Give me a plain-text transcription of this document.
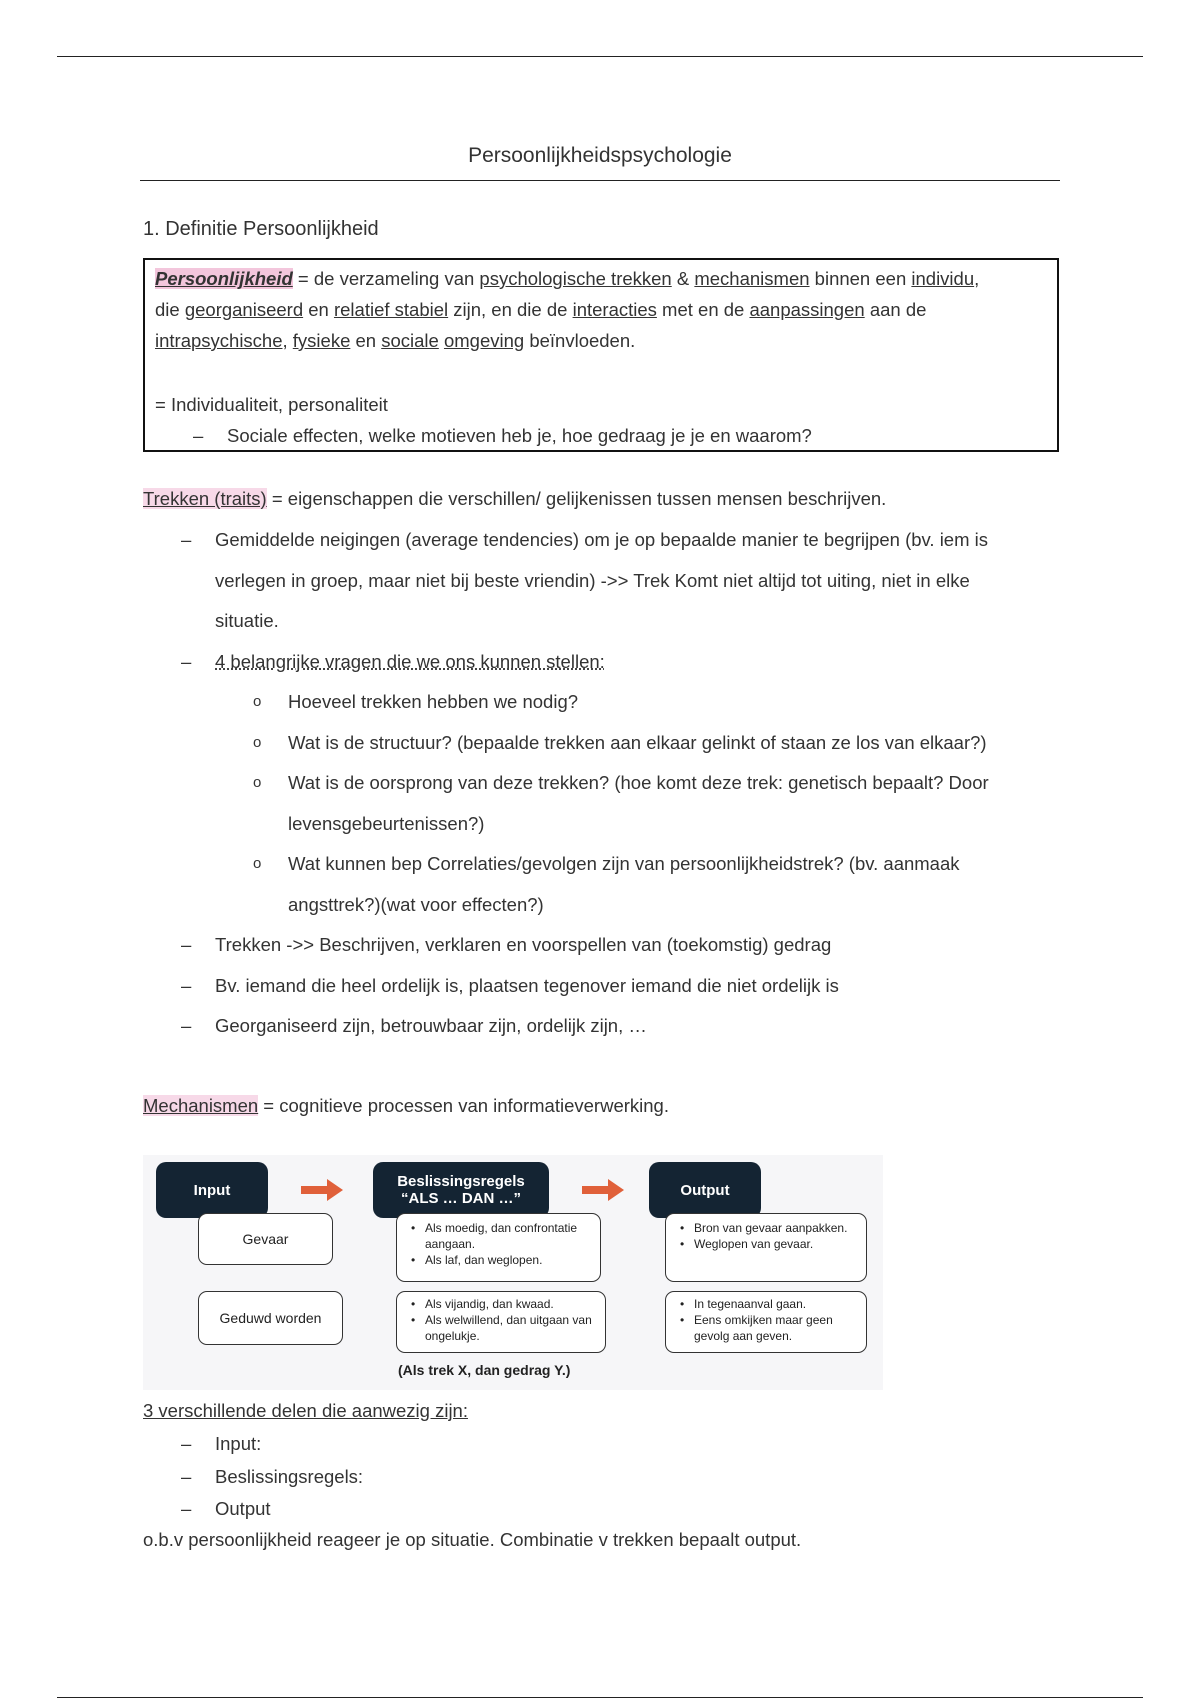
Persoonlijkheidspsychologie
1. Definitie Persoonlijkheid
Persoonlijkheid = de verzameling van psychologische trekken & mechanismen binnen een individu,
die georganiseerd en relatief stabiel zijn, en die de interacties met en de aanpassingen aan de
intrapsychische, fysieke en sociale omgeving beïnvloeden.
= Individualiteit, personaliteit
– Sociale effecten, welke motieven heb je, hoe gedraag je je en waarom?
Trekken (traits) = eigenschappen die verschillen/ gelijkenissen tussen mensen beschrijven.
– Gemiddelde neigingen (average tendencies) om je op bepaalde manier te begrijpen (bv. iem is
verlegen in groep, maar niet bij beste vriendin) ->> Trek Komt niet altijd tot uiting, niet in elke
situatie.
– 4 belangrijke vragen die we ons kunnen stellen:
o Hoeveel trekken hebben we nodig?
o Wat is de structuur? (bepaalde trekken aan elkaar gelinkt of staan ze los van elkaar?)
o Wat is de oorsprong van deze trekken? (hoe komt deze trek: genetisch bepaalt? Door
levensgebeurtenissen?)
o Wat kunnen bep Correlaties/gevolgen zijn van persoonlijkheidstrek? (bv. aanmaak
angsttrek?)(wat voor effecten?)
– Trekken ->> Beschrijven, verklaren en voorspellen van (toekomstig) gedrag
– Bv. iemand die heel ordelijk is, plaatsen tegenover iemand die niet ordelijk is
– Georganiseerd zijn, betrouwbaar zijn, ordelijk zijn, …
Mechanismen = cognitieve processen van informatieverwerking.
Input	Beslissingsregels
“ALS … DAN …”	Output
Gevaar
Geduwd worden
• Als moedig, dan confrontatie aangaan.
• Als laf, dan weglopen.
• Als vijandig, dan kwaad.
• Als welwillend, dan uitgaan van ongelukje.
• Bron van gevaar aanpakken.
• Weglopen van gevaar.
• In tegenaanval gaan.
• Eens omkijken maar geen gevolg aan geven.
(Als trek X, dan gedrag Y.)
3 verschillende delen die aanwezig zijn:
– Input:
– Beslissingsregels:
– Output
o.b.v persoonlijkheid reageer je op situatie. Combinatie v trekken bepaalt output.
